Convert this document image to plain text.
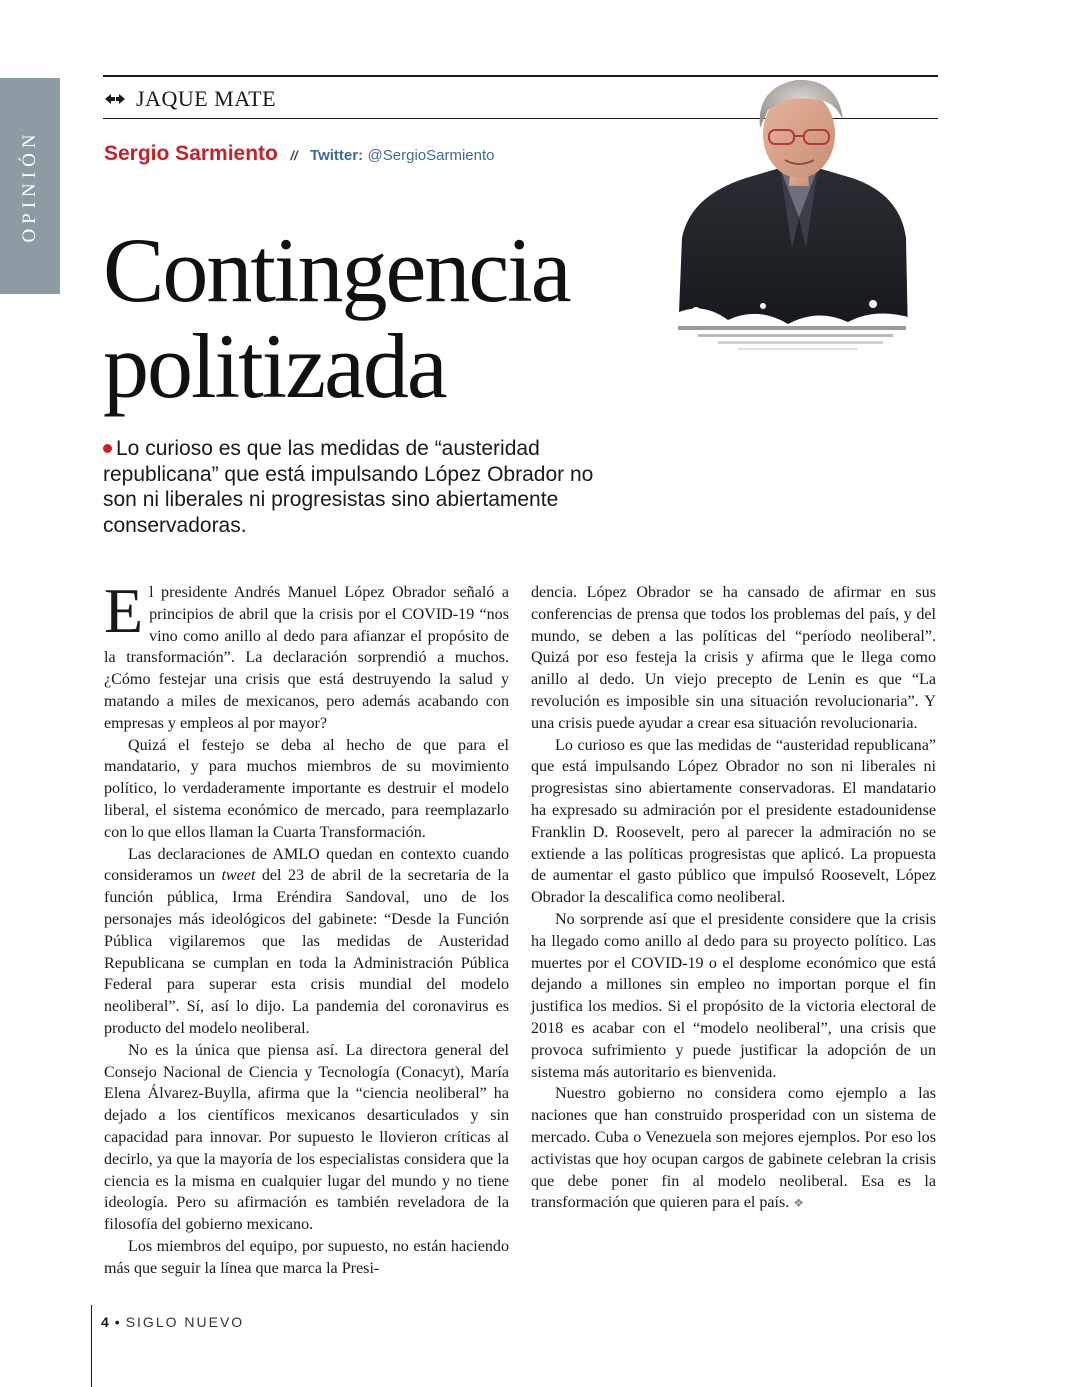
OPINIÓN
JAQUE MATE
Sergio Sarmiento // Twitter: @SergioSarmiento
Contingencia
politizada
Lo curioso es que las medidas de “austeridad republicana” que está impulsando López Obrador no son ni liberales ni progresistas sino abiertamente conservadoras.

El presidente Andrés Manuel López Obrador señaló a principios de abril que la crisis por el COVID-19 “nos vino como anillo al dedo para afianzar el propósito de la transformación”. La declaración sorprendió a muchos. ¿Cómo festejar una crisis que está destruyendo la salud y matando a miles de mexicanos, pero además acabando con empresas y empleos al por mayor?

Quizá el festejo se deba al hecho de que para el mandatario, y para muchos miembros de su movimiento político, lo verdaderamente importante es destruir el modelo liberal, el sistema económico de mercado, para reemplazarlo con lo que ellos llaman la Cuarta Transformación.

Las declaraciones de AMLO quedan en contexto cuando consideramos un tweet del 23 de abril de la secretaria de la función pública, Irma Eréndira Sandoval, uno de los personajes más ideológicos del gabinete: “Desde la Función Pública vigilaremos que las medidas de Austeridad Republicana se cumplan en toda la Administración Pública Federal para superar esta crisis mundial del modelo neoliberal”. Sí, así lo dijo. La pandemia del coronavirus es producto del modelo neoliberal.

No es la única que piensa así. La directora general del Consejo Nacional de Ciencia y Tecnología (Conacyt), María Elena Álvarez-Buylla, afirma que la “ciencia neoliberal” ha dejado a los científicos mexicanos desarticulados y sin capacidad para innovar. Por supuesto le llovieron críticas al decirlo, ya que la mayoría de los especialistas considera que la ciencia es la misma en cualquier lugar del mundo y no tiene ideología. Pero su afirmación es también reveladora de la filosofía del gobierno mexicano.

Los miembros del equipo, por supuesto, no están haciendo más que seguir la línea que marca la Presi-

dencia. López Obrador se ha cansado de afirmar en sus conferencias de prensa que todos los problemas del país, y del mundo, se deben a las políticas del “período neoliberal”. Quizá por eso festeja la crisis y afirma que le llega como anillo al dedo. Un viejo precepto de Lenin es que “La revolución es imposible sin una situación revolucionaria”. Y una crisis puede ayudar a crear esa situación revolucionaria.

Lo curioso es que las medidas de “austeridad republicana” que está impulsando López Obrador no son ni liberales ni progresistas sino abiertamente conservadoras. El mandatario ha expresado su admiración por el presidente estadounidense Franklin D. Roosevelt, pero al parecer la admiración no se extiende a las políticas progresistas que aplicó. La propuesta de aumentar el gasto público que impulsó Roosevelt, López Obrador la descalifica como neoliberal.

No sorprende así que el presidente considere que la crisis ha llegado como anillo al dedo para su proyecto político. Las muertes por el COVID-19 o el desplome económico que está dejando a millones sin empleo no importan porque el fin justifica los medios. Si el propósito de la victoria electoral de 2018 es acabar con el “modelo neoliberal”, una crisis que provoca sufrimiento y puede justificar la adopción de un sistema más autoritario es bienvenida.

Nuestro gobierno no considera como ejemplo a las naciones que han construido prosperidad con un sistema de mercado. Cuba o Venezuela son mejores ejemplos. Por eso los activistas que hoy ocupan cargos de gabinete celebran la crisis que debe poner fin al modelo neoliberal. Esa es la transformación que quieren para el país. ❖

4 • SIGLO NUEVO
